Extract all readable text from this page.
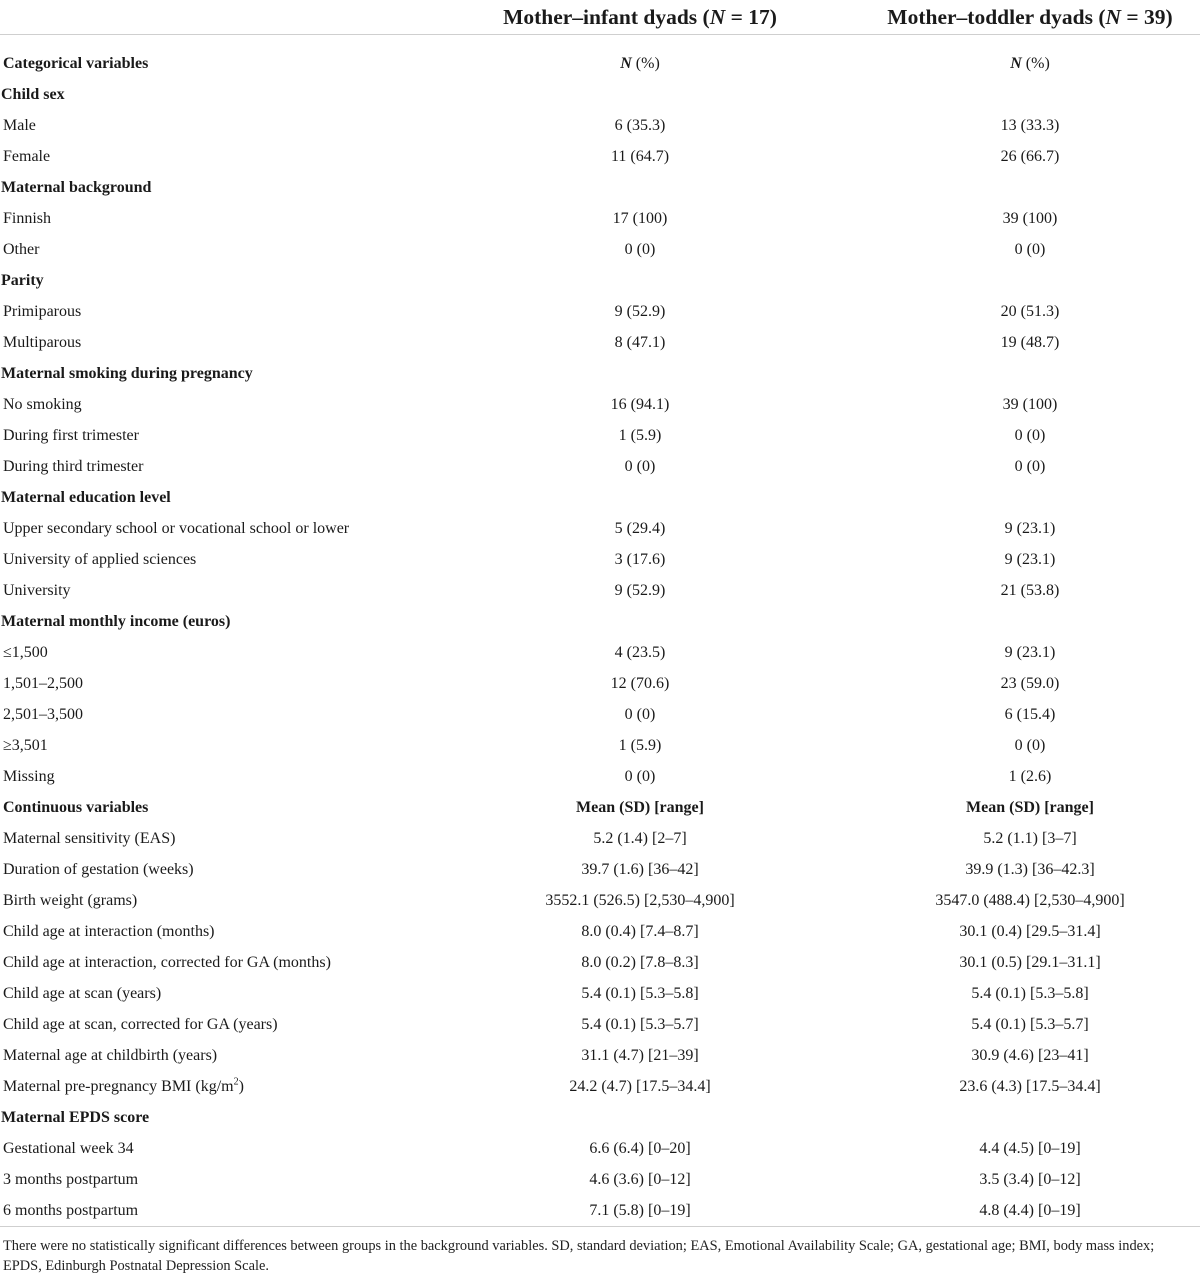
	Mother–infant dyads (N = 17)	Mother–toddler dyads (N = 39)

Categorical variables	N (%)	N (%)
Child sex		
Male	6 (35.3)	13 (33.3)
Female	11 (64.7)	26 (66.7)
Maternal background		
Finnish	17 (100)	39 (100)
Other	0 (0)	0 (0)
Parity		
Primiparous	9 (52.9)	20 (51.3)
Multiparous	8 (47.1)	19 (48.7)
Maternal smoking during pregnancy		
No smoking	16 (94.1)	39 (100)
During first trimester	1 (5.9)	0 (0)
During third trimester	0 (0)	0 (0)
Maternal education level		
Upper secondary school or vocational school or lower	5 (29.4)	9 (23.1)
University of applied sciences	3 (17.6)	9 (23.1)
University	9 (52.9)	21 (53.8)
Maternal monthly income (euros)		
≤1,500	4 (23.5)	9 (23.1)
1,501–2,500	12 (70.6)	23 (59.0)
2,501–3,500	0 (0)	6 (15.4)
≥3,501	1 (5.9)	0 (0)
Missing	0 (0)	1 (2.6)
Continuous variables	Mean (SD) [range]	Mean (SD) [range]
Maternal sensitivity (EAS)	5.2 (1.4) [2–7]	5.2 (1.1) [3–7]
Duration of gestation (weeks)	39.7 (1.6) [36–42]	39.9 (1.3) [36–42.3]
Birth weight (grams)	3552.1 (526.5) [2,530–4,900]	3547.0 (488.4) [2,530–4,900]
Child age at interaction (months)	8.0 (0.4) [7.4–8.7]	30.1 (0.4) [29.5–31.4]
Child age at interaction, corrected for GA (months)	8.0 (0.2) [7.8–8.3]	30.1 (0.5) [29.1–31.1]
Child age at scan (years)	5.4 (0.1) [5.3–5.8]	5.4 (0.1) [5.3–5.8]
Child age at scan, corrected for GA (years)	5.4 (0.1) [5.3–5.7]	5.4 (0.1) [5.3–5.7]
Maternal age at childbirth (years)	31.1 (4.7) [21–39]	30.9 (4.6) [23–41]
Maternal pre-pregnancy BMI $(kg/m^2)$	24.2 (4.7) [17.5–34.4]	23.6 (4.3) [17.5–34.4]
Maternal EPDS score		
Gestational week 34	6.6 (6.4) [0–20]	4.4 (4.5) [0–19]
3 months postpartum	4.6 (3.6) [0–12]	3.5 (3.4) [0–12]
6 months postpartum	7.1 (5.8) [0–19]	4.8 (4.4) [0–19]

There were no statistically significant differences between groups in the background variables. SD, standard deviation; EAS, Emotional Availability Scale; GA, gestational age; BMI, body mass index; EPDS, Edinburgh Postnatal Depression Scale.
